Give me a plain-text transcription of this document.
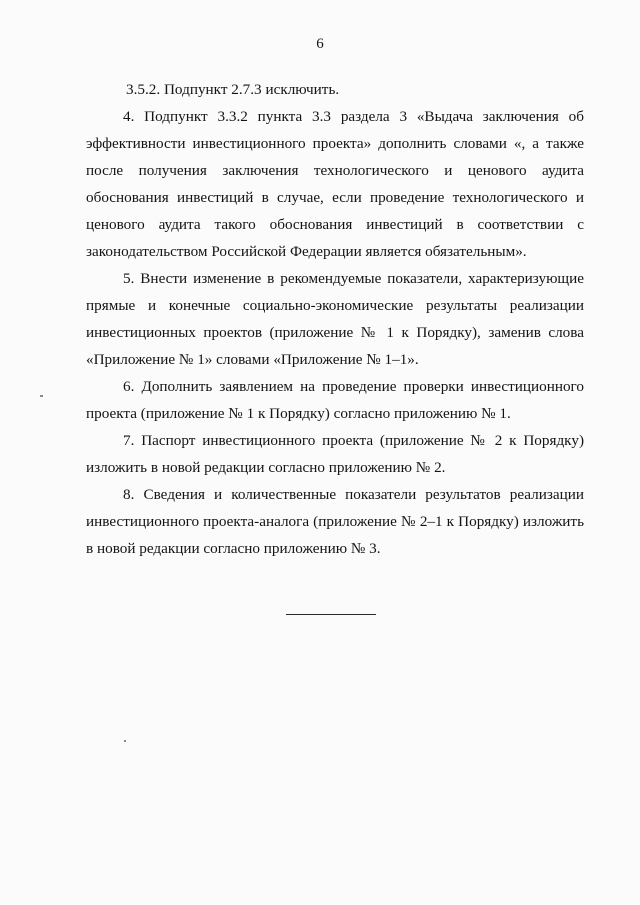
6

3.5.2. Подпункт 2.7.3 исключить.

4. Подпункт 3.3.2 пункта 3.3 раздела 3 «Выдача заключения об эффективности инвестиционного проекта» дополнить словами «, а также после получения заключения технологического и ценового аудита обоснования инвестиций в случае, если проведение технологического и ценового аудита такого обоснования инвестиций в соответствии с законодательством Российской Федерации является обязательным».

5. Внести изменение в рекомендуемые показатели, характеризующие прямые и конечные социально-экономические результаты реализации инвестиционных проектов (приложение № 1 к Порядку), заменив слова «Приложение № 1» словами «Приложение № 1–1».

6. Дополнить заявлением на проведение проверки инвестиционного проекта (приложение № 1 к Порядку) согласно приложению № 1.

7. Паспорт инвестиционного проекта (приложение № 2 к Порядку) изложить в новой редакции согласно приложению № 2.

8. Сведения и количественные показатели результатов реализации инвестиционного проекта-аналога (приложение № 2–1 к Порядку) изложить в новой редакции согласно приложению № 3.
